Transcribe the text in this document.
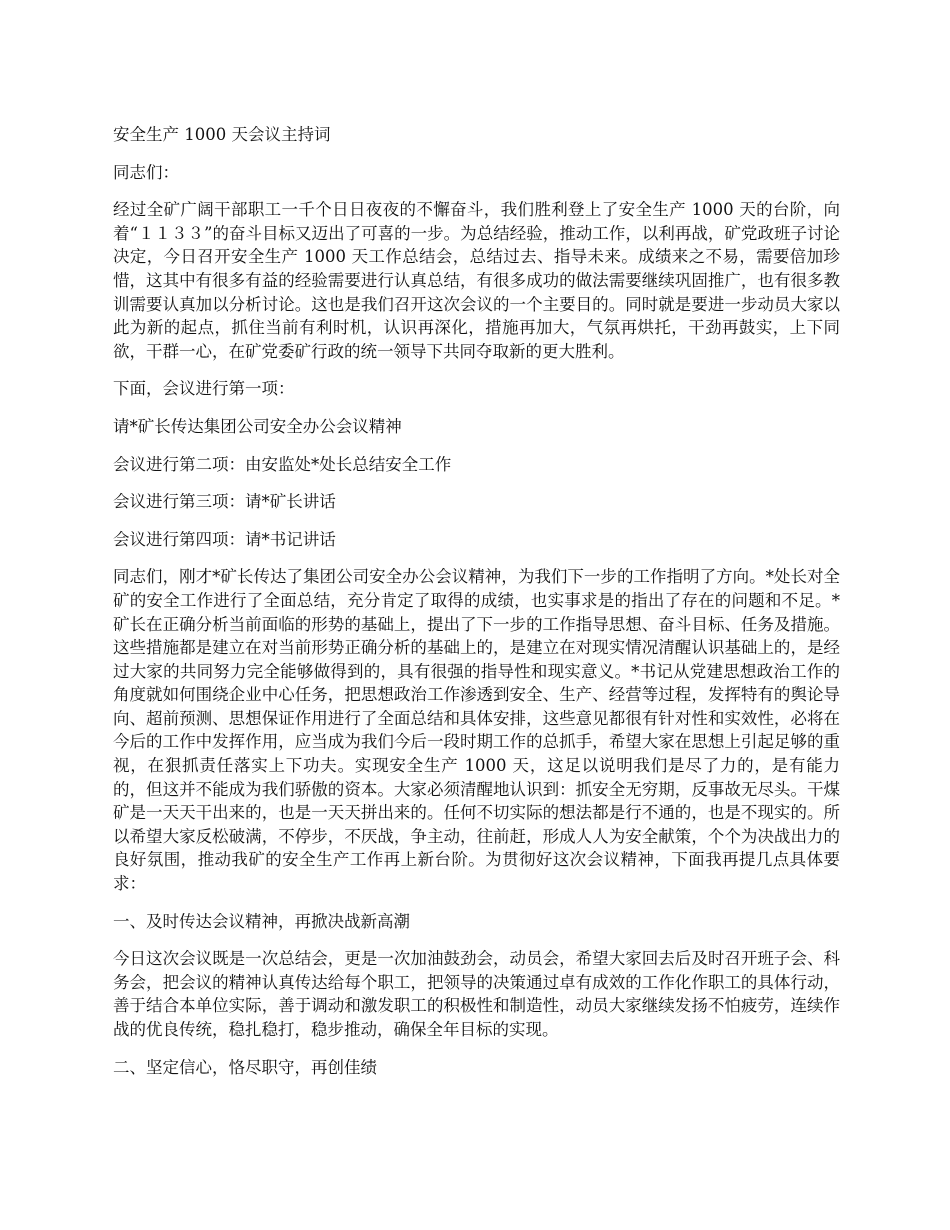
安全生产 1000 天会议主持词

同志们：

经过全矿广阔干部职工一千个日日夜夜的不懈奋斗，我们胜利登上了安全生产 1000 天的台阶，向着“１１３３”的奋斗目标又迈出了可喜的一步。为总结经验，推动工作，以利再战，矿党政班子讨论决定，今日召开安全生产 1000 天工作总结会，总结过去、指导未来。成绩来之不易，需要倍加珍惜，这其中有很多有益的经验需要进行认真总结，有很多成功的做法需要继续巩固推广，也有很多教训需要认真加以分析讨论。这也是我们召开这次会议的一个主要目的。同时就是要进一步动员大家以此为新的起点，抓住当前有利时机，认识再深化，措施再加大，气氛再烘托，干劲再鼓实，上下同欲，干群一心，在矿党委矿行政的统一领导下共同夺取新的更大胜利。

下面，会议进行第一项：

请*矿长传达集团公司安全办公会议精神

会议进行第二项：由安监处*处长总结安全工作

会议进行第三项：请*矿长讲话

会议进行第四项：请*书记讲话

同志们，刚才*矿长传达了集团公司安全办公会议精神，为我们下一步的工作指明了方向。*处长对全矿的安全工作进行了全面总结，充分肯定了取得的成绩，也实事求是的指出了存在的问题和不足。*矿长在正确分析当前面临的形势的基础上，提出了下一步的工作指导思想、奋斗目标、任务及措施。这些措施都是建立在对当前形势正确分析的基础上的，是建立在对现实情况清醒认识基础上的，是经过大家的共同努力完全能够做得到的，具有很强的指导性和现实意义。*书记从党建思想政治工作的角度就如何围绕企业中心任务，把思想政治工作渗透到安全、生产、经营等过程，发挥特有的舆论导向、超前预测、思想保证作用进行了全面总结和具体安排，这些意见都很有针对性和实效性，必将在今后的工作中发挥作用，应当成为我们今后一段时期工作的总抓手，希望大家在思想上引起足够的重视，在狠抓责任落实上下功夫。实现安全生产 1000 天，这足以说明我们是尽了力的，是有能力的，但这并不能成为我们骄傲的资本。大家必须清醒地认识到：抓安全无穷期，反事故无尽头。干煤矿是一天天干出来的，也是一天天拼出来的。任何不切实际的想法都是行不通的，也是不现实的。所以希望大家反松破满，不停步，不厌战，争主动，往前赶，形成人人为安全献策，个个为决战出力的良好氛围，推动我矿的安全生产工作再上新台阶。为贯彻好这次会议精神，下面我再提几点具体要求：

一、及时传达会议精神，再掀决战新高潮

今日这次会议既是一次总结会，更是一次加油鼓劲会，动员会，希望大家回去后及时召开班子会、科务会，把会议的精神认真传达给每个职工，把领导的决策通过卓有成效的工作化作职工的具体行动，善于结合本单位实际，善于调动和激发职工的积极性和制造性，动员大家继续发扬不怕疲劳，连续作战的优良传统，稳扎稳打，稳步推动，确保全年目标的实现。

二、坚定信心，恪尽职守，再创佳绩
